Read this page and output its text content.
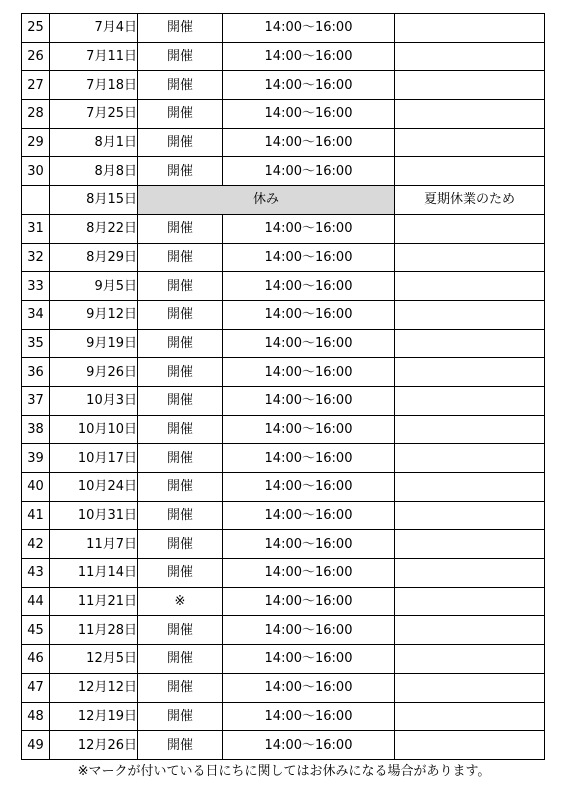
25	7月4日	開催	14:00～16:00	
26	7月11日	開催	14:00～16:00	
27	7月18日	開催	14:00～16:00	
28	7月25日	開催	14:00～16:00	
29	8月1日	開催	14:00～16:00	
30	8月8日	開催	14:00～16:00	
	8月15日	休み		夏期休業のため
31	8月22日	開催	14:00～16:00	
32	8月29日	開催	14:00～16:00	
33	9月5日	開催	14:00～16:00	
34	9月12日	開催	14:00～16:00	
35	9月19日	開催	14:00～16:00	
36	9月26日	開催	14:00～16:00	
37	10月3日	開催	14:00～16:00	
38	10月10日	開催	14:00～16:00	
39	10月17日	開催	14:00～16:00	
40	10月24日	開催	14:00～16:00	
41	10月31日	開催	14:00～16:00	
42	11月7日	開催	14:00～16:00	
43	11月14日	開催	14:00～16:00	
44	11月21日	※	14:00～16:00	
45	11月28日	開催	14:00～16:00	
46	12月5日	開催	14:00～16:00	
47	12月12日	開催	14:00～16:00	
48	12月19日	開催	14:00～16:00	
49	12月26日	開催	14:00～16:00	
※マークが付いている日にちに関してはお休みになる場合があります。
